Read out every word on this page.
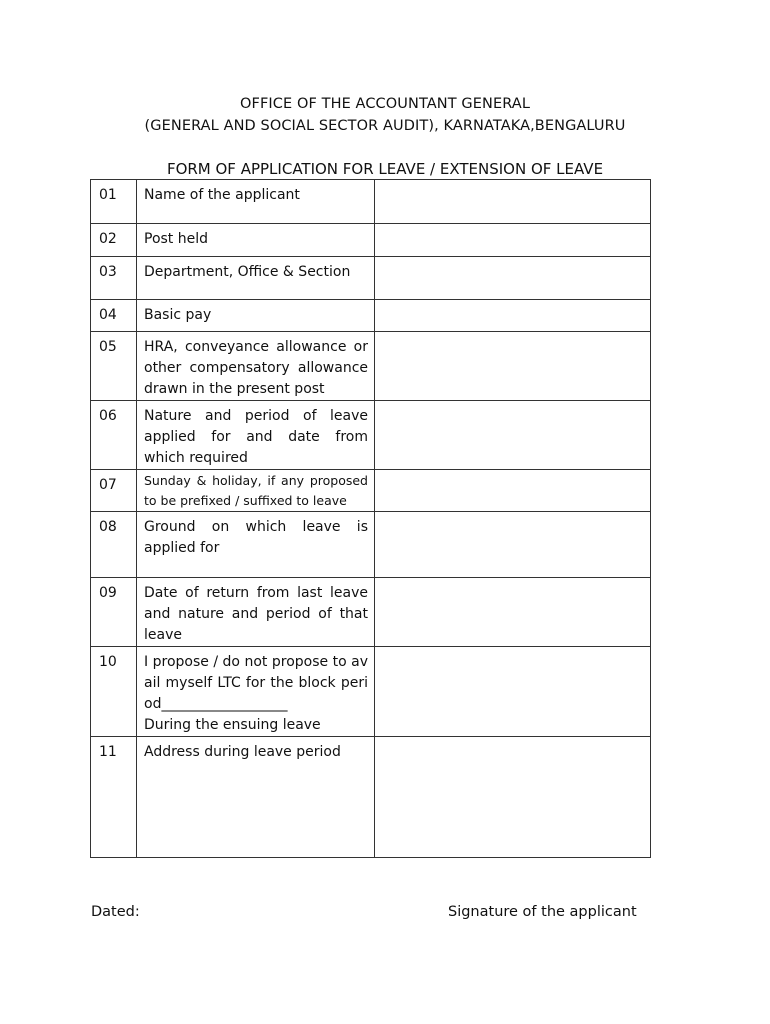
OFFICE OF THE ACCOUNTANT GENERAL
(GENERAL AND SOCIAL SECTOR AUDIT), KARNATAKA,BENGALURU
FORM OF APPLICATION FOR LEAVE / EXTENSION OF LEAVE
01	Name of the applicant	
02	Post held	
03	Department, Office & Section	
04	Basic pay	
05	HRA, conveyance allowance or other compensatory allowance drawn in the present post	
06	Nature and period of leave applied for and date from which required	
07	Sunday & holiday, if any proposed to be prefixed / suffixed to leave	
08	Ground on which leave is applied for	
09	Date of return from last leave and nature and period of that leave	
10	I propose / do not propose to avail myself LTC for the block period__________________
During the ensuing leave	

11	Address during leave period	
Dated:	Signature of the applicant
